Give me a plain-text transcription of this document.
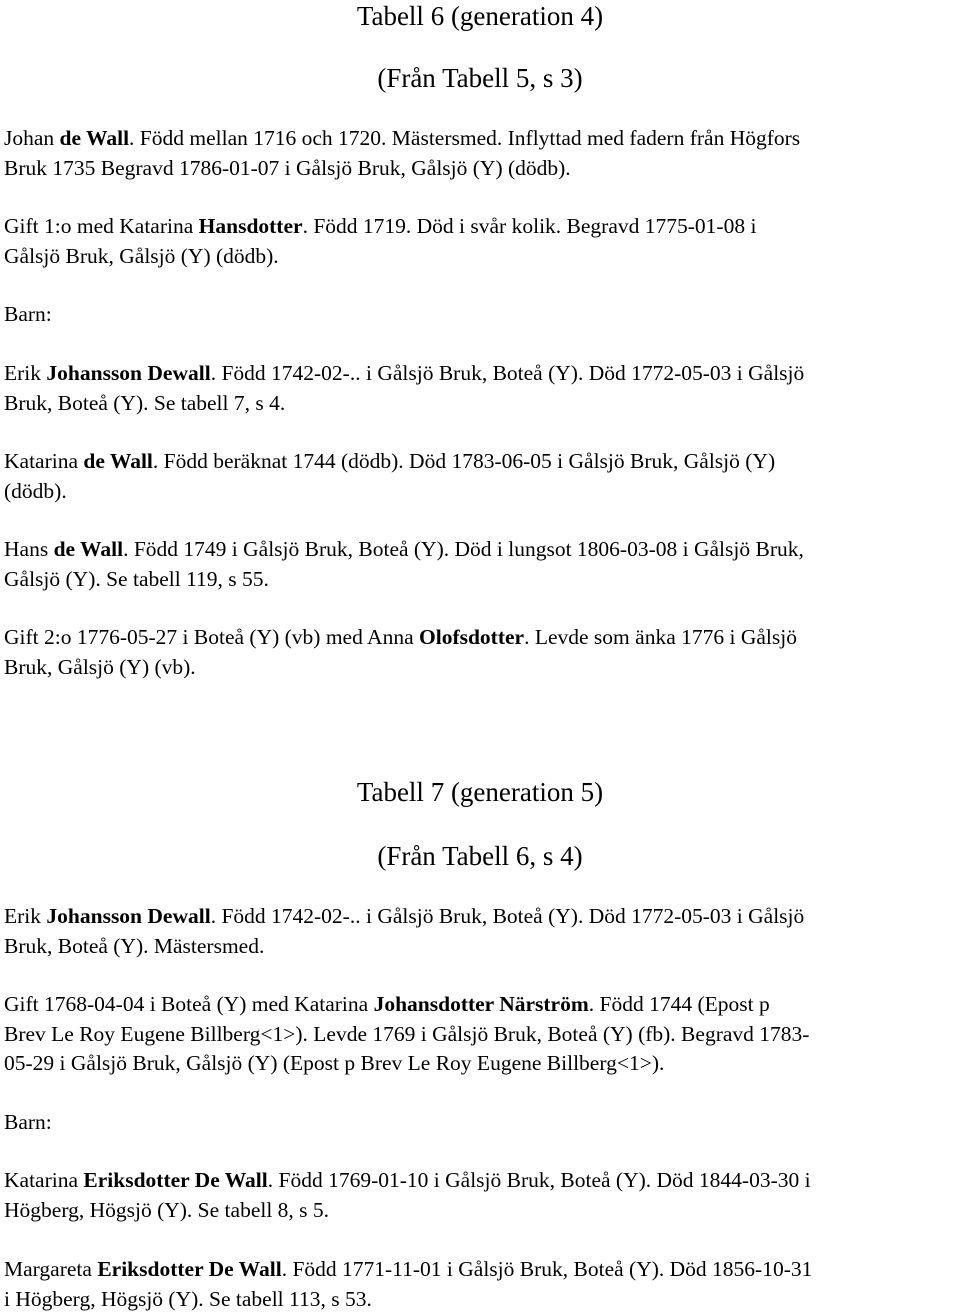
Tabell 6 (generation 4)
(Från Tabell 5, s 3)

Johan de Wall. Född mellan 1716 och 1720. Mästersmed. Inflyttad med fadern från Högfors
Bruk 1735 Begravd 1786-01-07 i Gålsjö Bruk, Gålsjö (Y) (dödb).

Gift 1:o med Katarina Hansdotter. Född 1719. Död i svår kolik. Begravd 1775-01-08 i
Gålsjö Bruk, Gålsjö (Y) (dödb).

Barn:

Erik Johansson Dewall. Född 1742-02-.. i Gålsjö Bruk, Boteå (Y). Död 1772-05-03 i Gålsjö
Bruk, Boteå (Y). Se tabell 7, s 4.

Katarina de Wall. Född beräknat 1744 (dödb). Död 1783-06-05 i Gålsjö Bruk, Gålsjö (Y)
(dödb).

Hans de Wall. Född 1749 i Gålsjö Bruk, Boteå (Y). Död i lungsot 1806-03-08 i Gålsjö Bruk,
Gålsjö (Y). Se tabell 119, s 55.

Gift 2:o 1776-05-27 i Boteå (Y) (vb) med Anna Olofsdotter. Levde som änka 1776 i Gålsjö
Bruk, Gålsjö (Y) (vb).

Tabell 7 (generation 5)
(Från Tabell 6, s 4)

Erik Johansson Dewall. Född 1742-02-.. i Gålsjö Bruk, Boteå (Y). Död 1772-05-03 i Gålsjö
Bruk, Boteå (Y). Mästersmed.

Gift 1768-04-04 i Boteå (Y) med Katarina Johansdotter Närström. Född 1744 (Epost p
Brev Le Roy Eugene Billberg<1>). Levde 1769 i Gålsjö Bruk, Boteå (Y) (fb). Begravd 1783-
05-29 i Gålsjö Bruk, Gålsjö (Y) (Epost p Brev Le Roy Eugene Billberg<1>).

Barn:

Katarina Eriksdotter De Wall. Född 1769-01-10 i Gålsjö Bruk, Boteå (Y). Död 1844-03-30 i
Högberg, Högsjö (Y). Se tabell 8, s 5.

Margareta Eriksdotter De Wall. Född 1771-11-01 i Gålsjö Bruk, Boteå (Y). Död 1856-10-31
i Högberg, Högsjö (Y). Se tabell 113, s 53.
